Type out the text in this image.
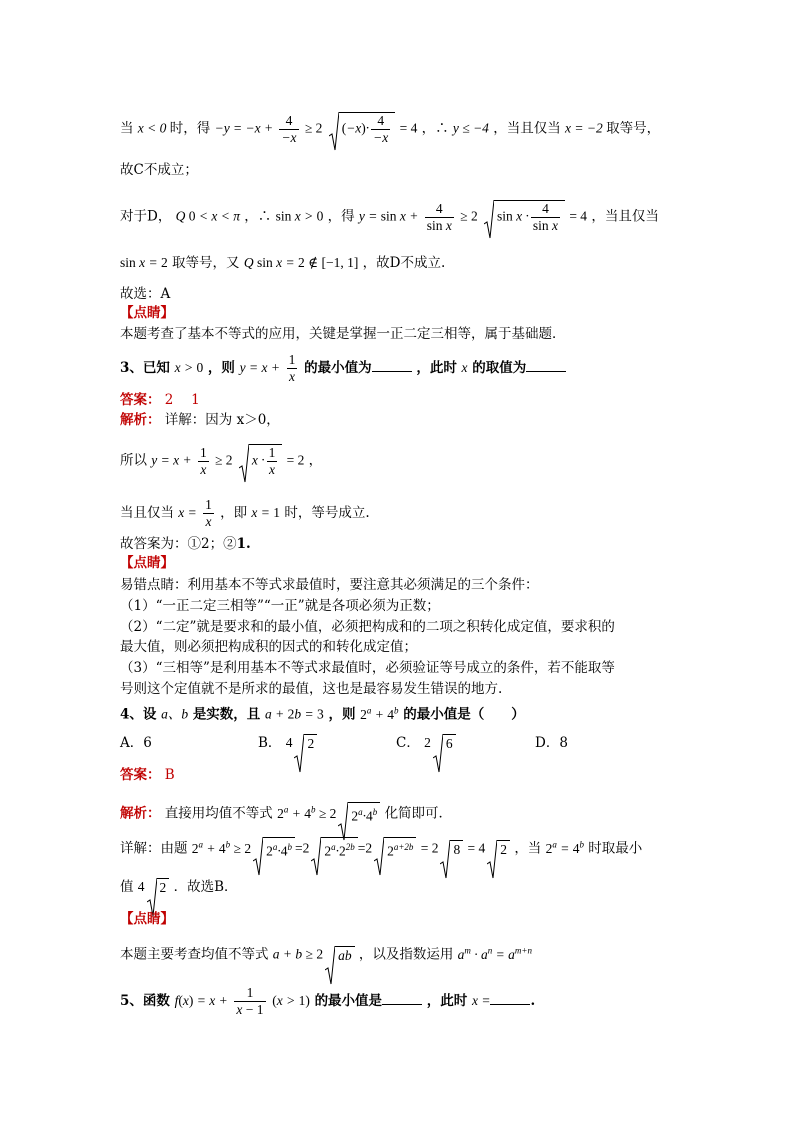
当 x < 0 时，得 $-y = -x + \frac{4}{-x} \ge 2$ $(-x)\cdot \frac{4}{-x} = 4$ ，∴ y ≤ −4 ，当且仅当 x = −2 取等号，
故C不成立；
对于D， Q 0 < x < π ，∴ sin x > 0 ，得 $y = \sin x + \frac{4}{\text{sin x}} \ge 2$ $\sin x \cdot \frac{4}{\text{sin x}} = 4$ ，当且仅当
sin x = 2 取等号，又 Q sin x = 2 ∉ [−1, 1] ，故D不成立.
故选：A
【点睛】
本题考查了基本不等式的应用，关键是掌握一正二定三相等，属于基础题．
3、已知 x > 0 ，则 $y = x + \frac{1}{x}$ 的最小值为	，此时 x 的取值为
答案： 2　 1
解析： 详解：因为 x＞0，
所以 $y = x + \frac{1}{x} \ge 2$ $x \cdot \frac{1}{x} = 2$ ，
当且仅当 $x = \frac{1}{x}$ ，即 x = 1 时，等号成立.
故答案为：①2；②1.
【点睛】
易错点睛：利用基本不等式求最值时，要注意其必须满足的三个条件：
（1）“一正二定三相等”“一正”就是各项必须为正数；
（2）“二定”就是要求和的最小值，必须把构成和的二项之积转化成定值，要求积的
最大值，则必须把构成积的因式的和转化成定值；
（3）“三相等”是利用基本不等式求最值时，必须验证等号成立的条件，若不能取等
号则这个定值就不是所求的最值，这也是最容易发生错误的地方.
4、设 a、b 是实数，且 a + 2b = 3 ，则 $2^a + 4^b$ 的最小值是（　　）
A．6	B． 4 2	C． 2 6	D．8
答案： B
解析： 直接用均值不等式 $2^a + 4^b \ge 2$ $2^a\cdot 4^b$ 化简即可．
详解：由题 $2^a + 4^b \ge 2$ $2^a\cdot 4^b =2$ $2^a\cdot 2^{2b} =2$ $2^{a+2b} = 2$ 8 = 4 2 ，当 $2^a = 4^b$ 时取最小
值 4 2 ．故选B．
【点睛】
本题主要考查均值不等式 a + b ≥ 2 ab ，以及指数运用 $a^m \cdot a^n = a^{m+n}$
5、函数 $f(x) = x + \frac{1}{x - 1} (x > 1)$ 的最小值是	，此时 x =	.
